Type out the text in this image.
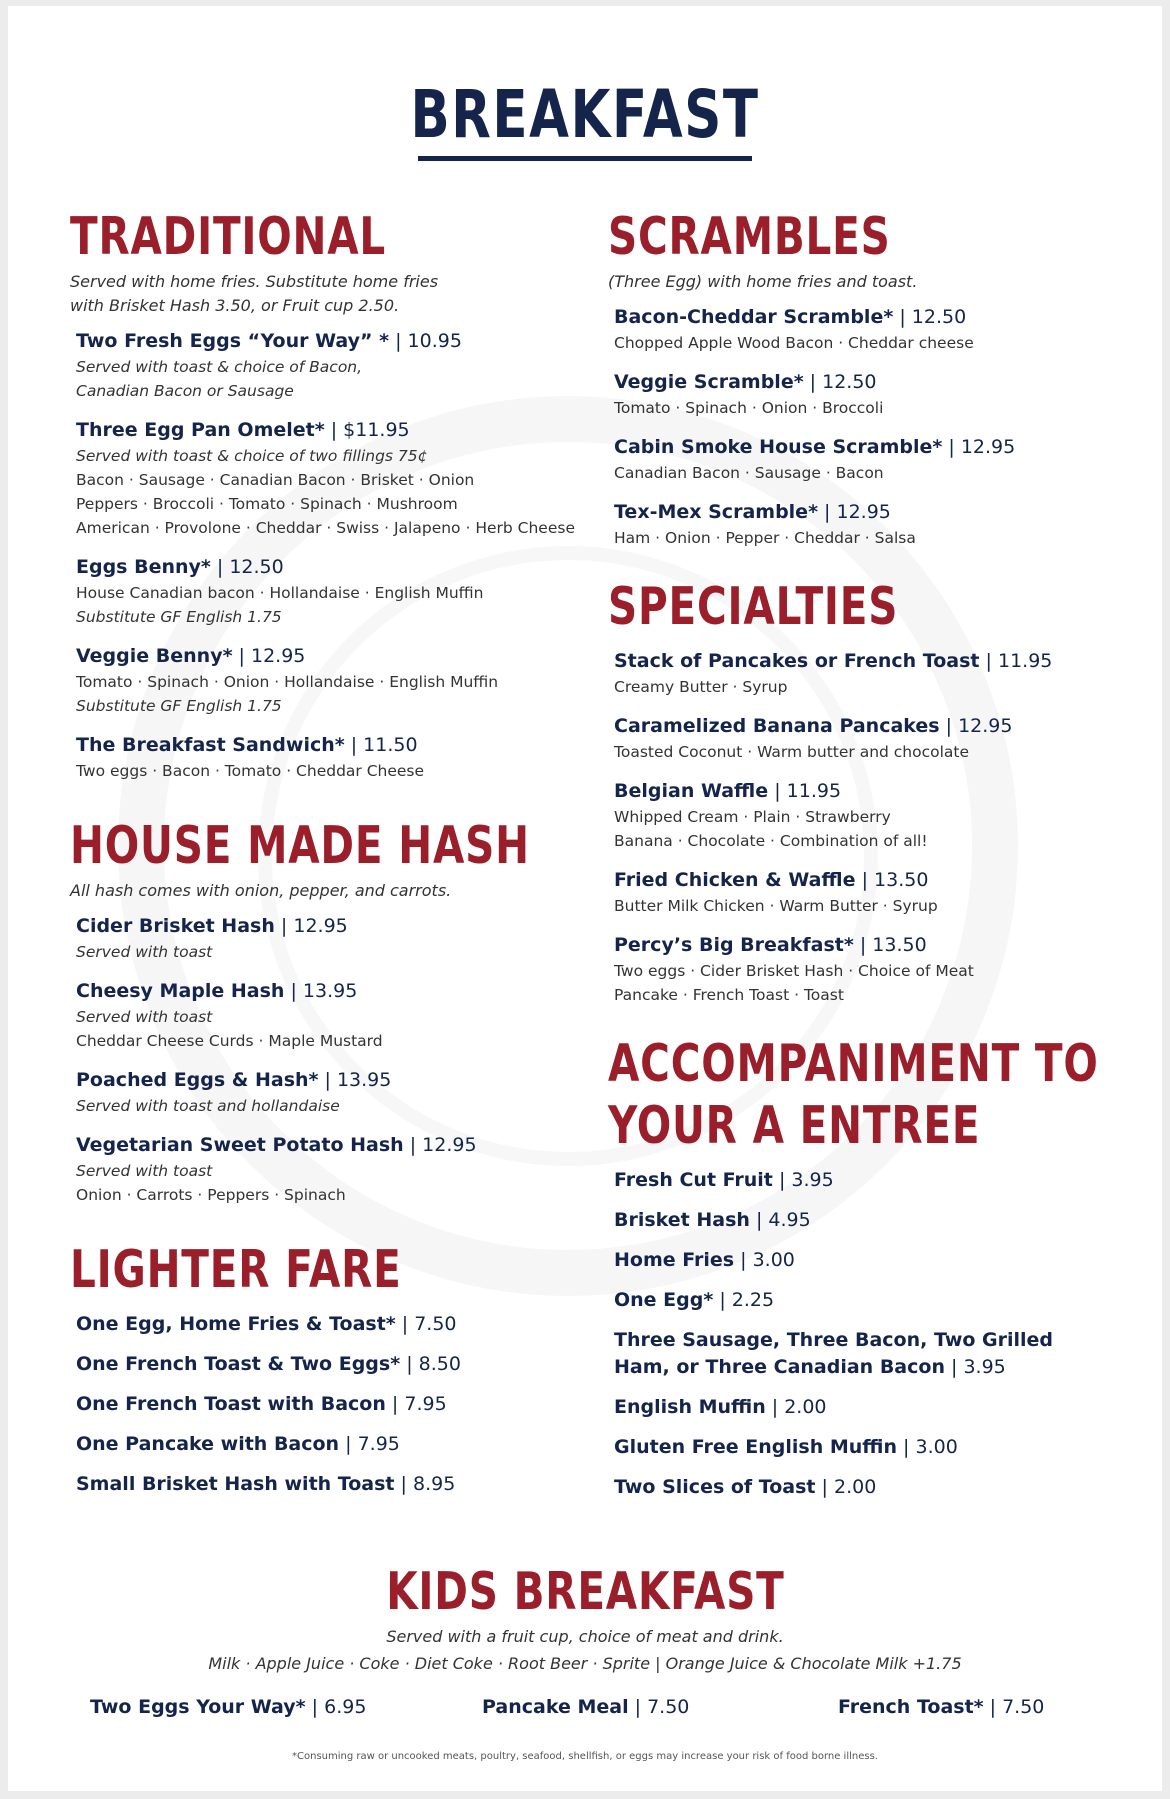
BREAKFAST
TRADITIONAL
Served with home fries. Substitute home fries
with Brisket Hash 3.50, or Fruit cup 2.50.
Two Fresh Eggs “Your Way” * | 10.95
Served with toast & choice of Bacon,
Canadian Bacon or Sausage
Three Egg Pan Omelet* | $11.95
Served with toast & choice of two fillings 75¢
Bacon · Sausage · Canadian Bacon · Brisket · Onion
Peppers · Broccoli · Tomato · Spinach · Mushroom
American · Provolone · Cheddar · Swiss · Jalapeno · Herb Cheese
Eggs Benny* | 12.50
House Canadian bacon · Hollandaise · English Muffin
Substitute GF English 1.75
Veggie Benny* | 12.95
Tomato · Spinach · Onion · Hollandaise · English Muffin
Substitute GF English 1.75
The Breakfast Sandwich* | 11.50
Two eggs · Bacon · Tomato · Cheddar Cheese
HOUSE MADE HASH
All hash comes with onion, pepper, and carrots.
Cider Brisket Hash | 12.95
Served with toast
Cheesy Maple Hash | 13.95
Served with toast
Cheddar Cheese Curds · Maple Mustard
Poached Eggs & Hash* | 13.95
Served with toast and hollandaise
Vegetarian Sweet Potato Hash | 12.95
Served with toast
Onion · Carrots · Peppers · Spinach
LIGHTER FARE
One Egg, Home Fries & Toast* | 7.50
One French Toast & Two Eggs* | 8.50
One French Toast with Bacon | 7.95
One Pancake with Bacon | 7.95
Small Brisket Hash with Toast | 8.95
SCRAMBLES
(Three Egg) with home fries and toast.
Bacon-Cheddar Scramble* | 12.50
Chopped Apple Wood Bacon · Cheddar cheese
Veggie Scramble* | 12.50
Tomato · Spinach · Onion · Broccoli
Cabin Smoke House Scramble* | 12.95
Canadian Bacon · Sausage · Bacon
Tex-Mex Scramble* | 12.95
Ham · Onion · Pepper · Cheddar · Salsa
SPECIALTIES
Stack of Pancakes or French Toast | 11.95
Creamy Butter · Syrup
Caramelized Banana Pancakes | 12.95
Toasted Coconut · Warm butter and chocolate
Belgian Waffle | 11.95
Whipped Cream · Plain · Strawberry
Banana · Chocolate · Combination of all!
Fried Chicken & Waffle | 13.50
Butter Milk Chicken · Warm Butter · Syrup
Percy’s Big Breakfast* | 13.50
Two eggs · Cider Brisket Hash · Choice of Meat
Pancake · French Toast · Toast
ACCOMPANIMENT TO YOUR A ENTREE
Fresh Cut Fruit | 3.95
Brisket Hash | 4.95
Home Fries | 3.00
One Egg* | 2.25
Three Sausage, Three Bacon, Two Grilled Ham, or Three Canadian Bacon | 3.95
English Muffin | 2.00
Gluten Free English Muffin | 3.00
Two Slices of Toast | 2.00
KIDS BREAKFAST
Served with a fruit cup, choice of meat and drink.
Milk · Apple Juice · Coke · Diet Coke · Root Beer · Sprite | Orange Juice & Chocolate Milk +1.75
Two Eggs Your Way* | 6.95	Pancake Meal | 7.50	French Toast* | 7.50
*Consuming raw or uncooked meats, poultry, seafood, shellfish, or eggs may increase your risk of food borne illness.
